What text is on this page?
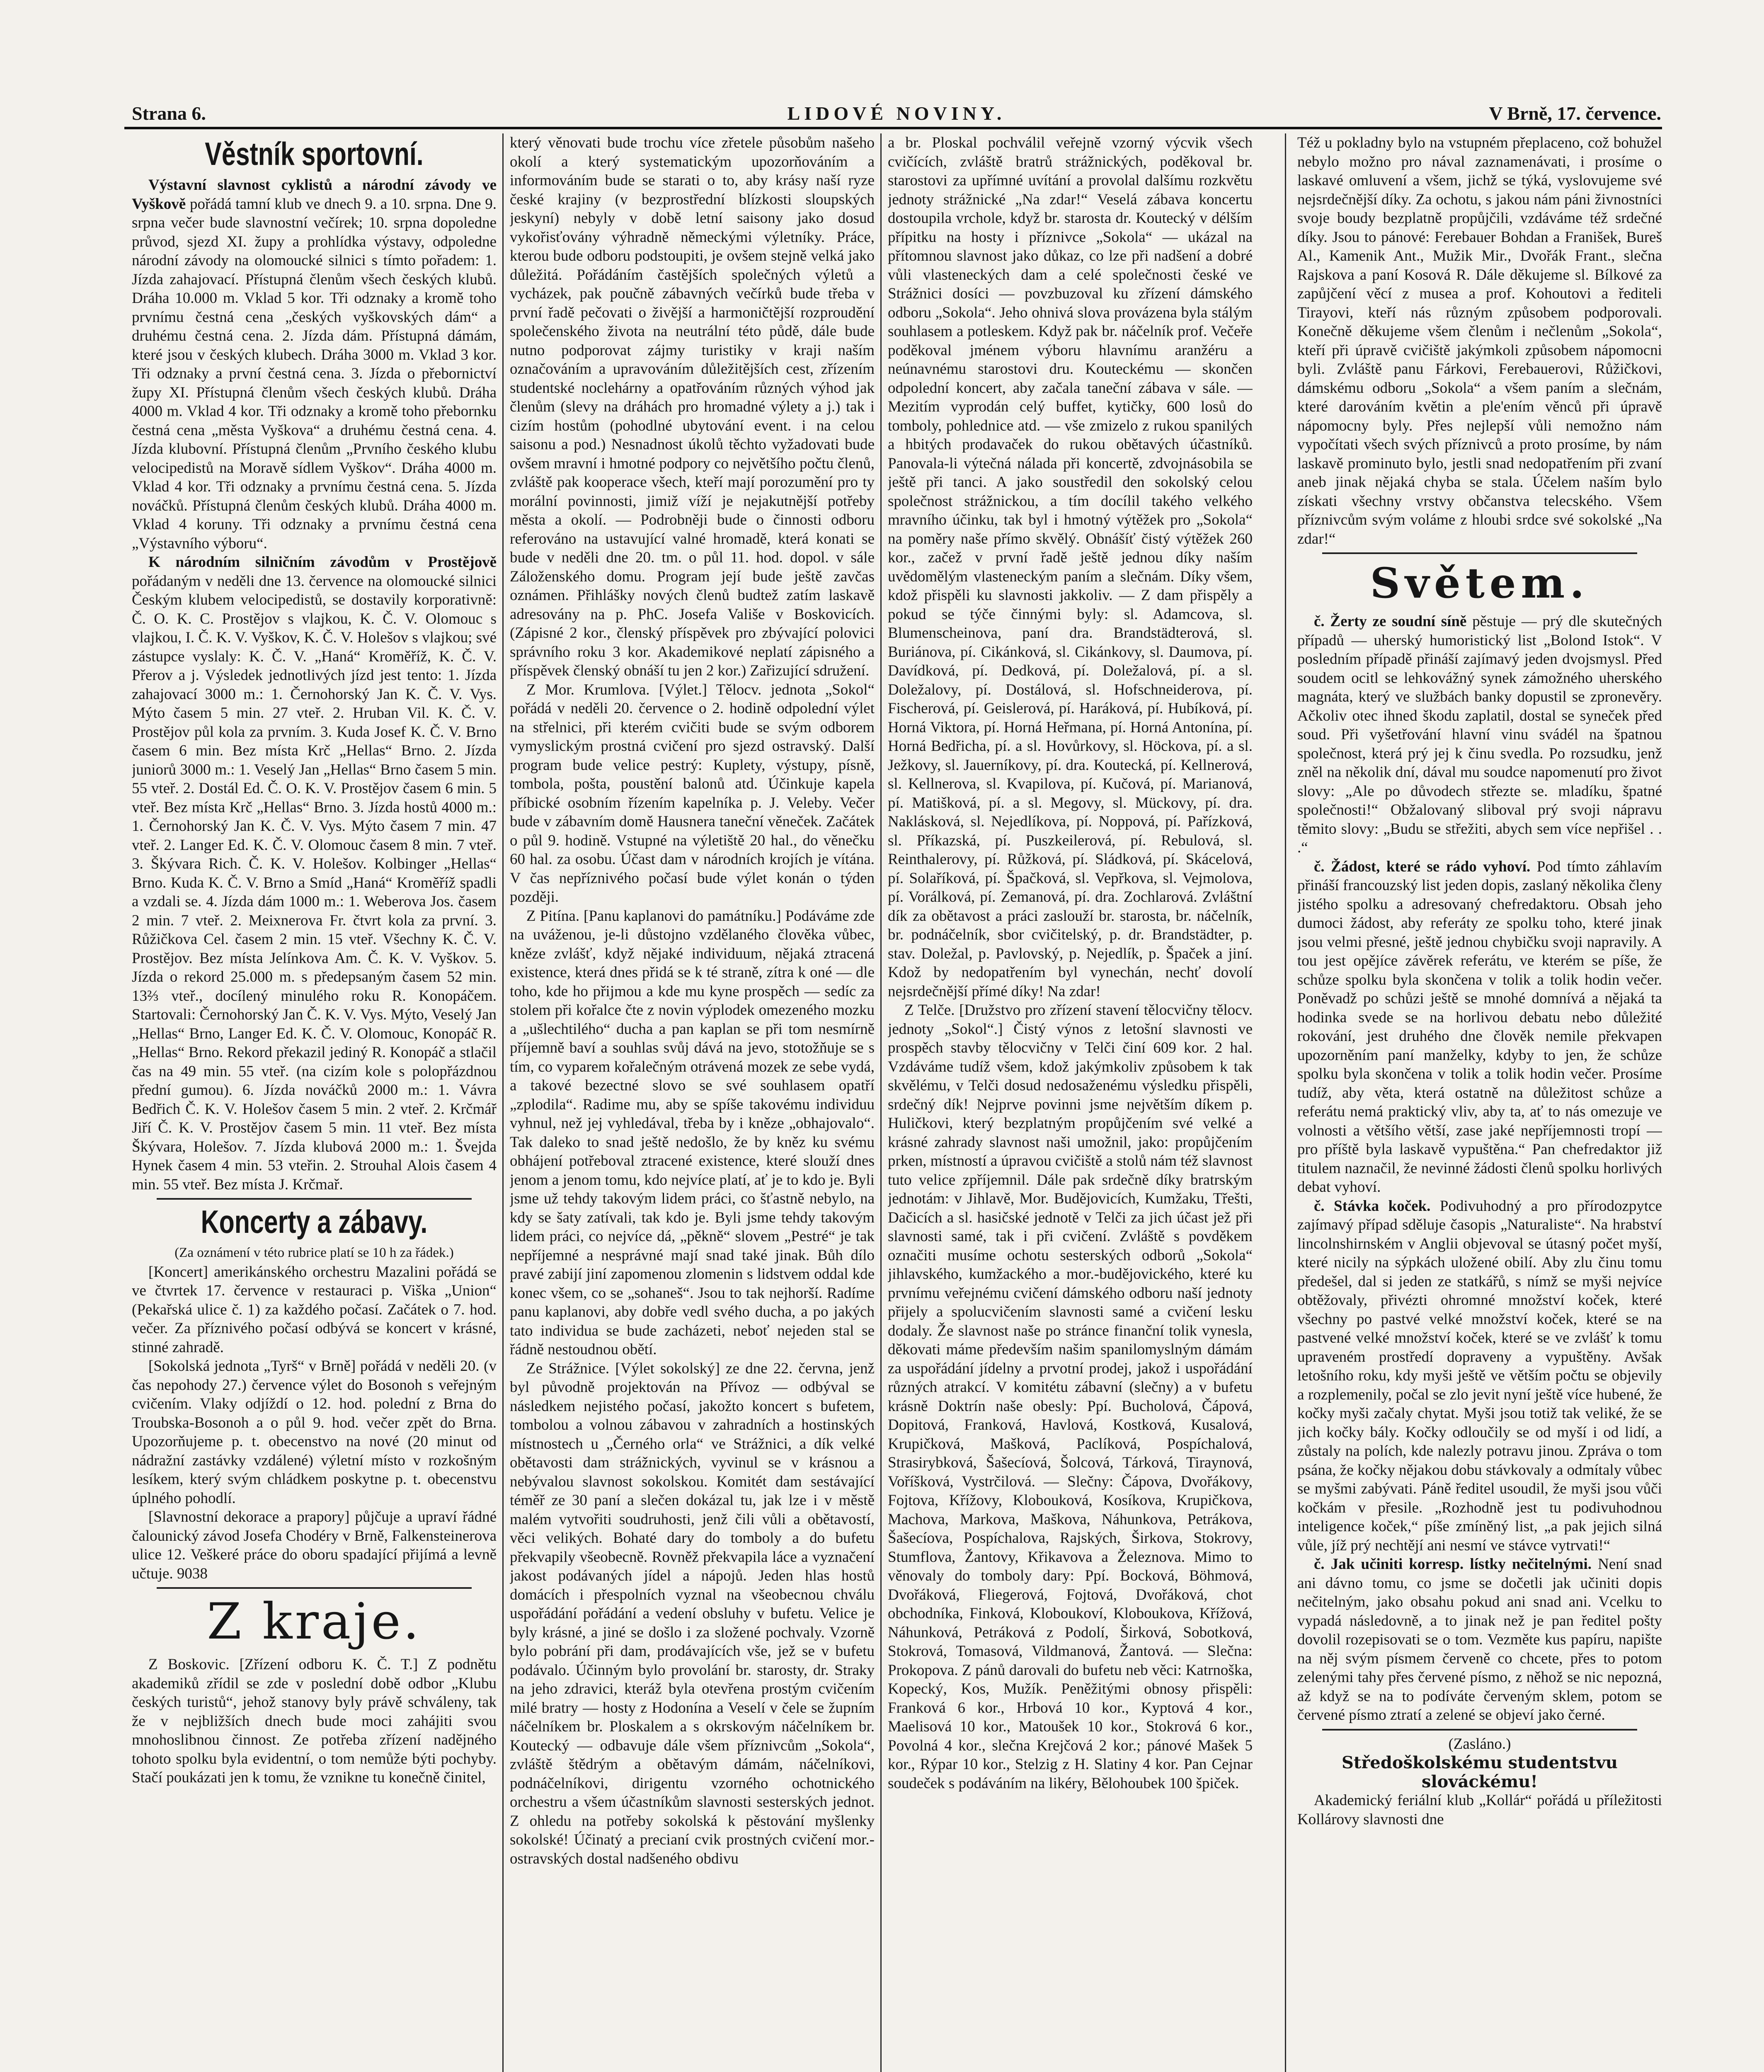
Strana 6.	LIDOVÉ NOVINY.	V Brně, 17. července.
Věstník sportovní.

Výstavní slavnost cyklistů a národní závody ve Vyškově pořádá tamní klub ve dnech 9. a 10. srpna. Dne 9. srpna večer bude slavnostní večírek; 10. srpna dopoledne průvod, sjezd XI. župy a prohlídka výstavy, odpoledne národní závody na olomoucké silnici s tímto pořadem: 1. Jízda zahajovací. Přístupná členům všech českých klubů. Dráha 10.000 m. Vklad 5 kor. Tři odznaky a kromě toho prvnímu čestná cena „českých vyškovských dám“ a druhému čestná cena. 2. Jízda dám. Přístupná dámám, které jsou v českých klubech. Dráha 3000 m. Vklad 3 kor. Tři odznaky a první čestná cena. 3. Jízda o přebornictví župy XI. Přístupná členům všech českých klubů. Dráha 4000 m. Vklad 4 kor. Tři odznaky a kromě toho přebornku čestná cena „města Vyškova“ a druhému čestná cena. 4. Jízda klubovní. Přístupná členům „Prvního českého klubu velocipedistů na Moravě sídlem Vyškov“. Dráha 4000 m. Vklad 4 kor. Tři odznaky a prvnímu čestná cena. 5. Jízda nováčků. Přístupná členům českých klubů. Dráha 4000 m. Vklad 4 koruny. Tři odznaky a prvnímu čestná cena „Výstavního výboru“.

K národním silničním závodům v Prostějově pořádaným v neděli dne 13. července na olomoucké silnici Českým klubem velocipedistů, se dostavily korporativně: Č. O. K. C. Prostějov s vlajkou, K. Č. V. Olomouc s vlajkou, I. Č. K. V. Vyškov, K. Č. V. Holešov s vlajkou; své zástupce vyslaly: K. Č. V. „Haná“ Kroměříž, K. Č. V. Přerov a j. Výsledek jednotlivých jízd jest tento: 1. Jízda zahajovací 3000 m.: 1. Černohorský Jan K. Č. V. Vys. Mýto časem 5 min. 27 vteř. 2. Hruban Vil. K. Č. V. Prostějov půl kola za prvním. 3. Kuda Josef K. Č. V. Brno časem 6 min. Bez místa Krč „Hellas“ Brno. 2. Jízda juniorů 3000 m.: 1. Veselý Jan „Hellas“ Brno časem 5 min. 55 vteř. 2. Dostál Ed. Č. O. K. V. Prostějov časem 6 min. 5 vteř. Bez místa Krč „Hellas“ Brno. 3. Jízda hostů 4000 m.: 1. Černohorský Jan K. Č. V. Vys. Mýto časem 7 min. 47 vteř. 2. Langer Ed. K. Č. V. Olomouc časem 8 min. 7 vteř. 3. Škývara Rich. Č. K. V. Holešov. Kolbinger „Hellas“ Brno. Kuda K. Č. V. Brno a Smíd „Haná“ Kroměříž spadli a vzdali se. 4. Jízda dám 1000 m.: 1. Weberova Jos. časem 2 min. 7 vteř. 2. Meixnerova Fr. čtvrt kola za první. 3. Růžičkova Cel. časem 2 min. 15 vteř. Všechny K. Č. V. Prostějov. Bez místa Jelínkova Am. Č. K. V. Vyškov. 5. Jízda o rekord 25.000 m. s předepsaným časem 52 min. 13⅔ vteř., docílený minulého roku R. Konopáčem. Startovali: Černohorský Jan Č. K. V. Vys. Mýto, Veselý Jan „Hellas“ Brno, Langer Ed. K. Č. V. Olomouc, Konopáč R. „Hellas“ Brno. Rekord překazil jediný R. Konopáč a stlačil čas na 49 min. 55 vteř. (na cizím kole s polopřázdnou přední gumou). 6. Jízda nováčků 2000 m.: 1. Vávra Bedřich Č. K. V. Holešov časem 5 min. 2 vteř. 2. Krčmář Jiří Č. K. V. Prostějov časem 5 min. 11 vteř. Bez místa Škývara, Holešov. 7. Jízda klubová 2000 m.: 1. Švejda Hynek časem 4 min. 53 vteřin. 2. Strouhal Alois časem 4 min. 55 vteř. Bez místa J. Krčmař.

Koncerty a zábavy.

(Za oznámení v této rubrice platí se 10 h za řádek.)

[Koncert] amerikánského orchestru Mazalini pořádá se ve čtvrtek 17. července v restauraci p. Viška „Union“ (Pekařská ulice č. 1) za každého počasí. Začátek o 7. hod. večer. Za příznivého počasí odbývá se koncert v krásné, stinné zahradě.

[Sokolská jednota „Tyrš“ v Brně] pořádá v neděli 20. (v čas nepohody 27.) července výlet do Bosonoh s veřejným cvičením. Vlaky odjíždí o 12. hod. polední z Brna do Troubska-Bosonoh a o půl 9. hod. večer zpět do Brna. Upozorňujeme p. t. obecenstvo na nové (20 minut od nádražní zastávky vzdálené) výletní místo v rozkošným lesíkem, který svým chládkem poskytne p. t. obecenstvu úplného pohodlí.

[Slavnostní dekorace a prapory] půjčuje a upraví řádné čalounický závod Josefa Chodéry v Brně, Falkensteinerova ulice 12. Veškeré práce do oboru spadající přijímá a levně učtuje. 9038

Z kraje.

Z Boskovic. [Zřízení odboru K. Č. T.] Z podnětu akademiků zřídil se zde v poslední době odbor „Klubu českých turistů“, jehož stanovy byly právě schváleny, tak že v nejbližších dnech bude moci zahájiti svou mnohoslibnou činnost. Ze potřeba zřízení nadějného tohoto spolku byla evidentní, o tom nemůže býti pochyby. Stačí poukázati jen k tomu, že vznikne tu konečně činitel,

který věnovati bude trochu více zřetele působům našeho okolí a který systematickým upozorňováním a informováním bude se starati o to, aby krásy naší ryze české krajiny (v bezprostřední blízkosti sloupských jeskyní) nebyly v době letní saisony jako dosud vykořisťovány výhradně německými výletníky. Práce, kterou bude odboru podstoupiti, je ovšem stejně velká jako důležitá. Pořádáním častějších společných výletů a vycházek, pak poučně zábavných večírků bude třeba v první řadě pečovati o živější a harmoničtější rozproudění společenského života na neutrální této půdě, dále bude nutno podporovat zájmy turistiky v kraji naším označováním a upravováním důležitějších cest, zřízením studentské noclehárny a opatřováním různých výhod jak členům (slevy na dráhách pro hromadné výlety a j.) tak i cizím hostům (pohodlné ubytování event. i na celou saisonu a pod.) Nesnadnost úkolů těchto vyžadovati bude ovšem mravní i hmotné podpory co největšího počtu členů, zvláště pak kooperace všech, kteří mají porozumění pro ty morální povinnosti, jimiž víží je nejakutnější potřeby města a okolí. — Podrobněji bude o činnosti odboru referováno na ustavující valné hromadě, která konati se bude v neděli dne 20. tm. o půl 11. hod. dopol. v sále Záloženského domu. Program její bude ještě zavčas oznámen. Přihlášky nových členů budtež zatím laskavě adresovány na p. PhC. Josefa Vališe v Boskovicích. (Zápisné 2 kor., členský příspěvek pro zbývající polovici správního roku 3 kor. Akademikové neplatí zápisného a příspěvek členský obnáší tu jen 2 kor.) Zařizující sdružení.

Z Mor. Krumlova. [Výlet.] Tělocv. jednota „Sokol“ pořádá v neděli 20. července o 2. hodině odpolední výlet na střelnici, při kterém cvičiti bude se svým odborem vymyslickým prostná cvičení pro sjezd ostravský. Další program bude velice pestrý: Kuplety, výstupy, písně, tombola, pošta, poustění balonů atd. Účinkuje kapela příbické osobním řízením kapelníka p. J. Veleby. Večer bude v zábavním domě Hausnera taneční věneček. Začátek o půl 9. hodině. Vstupné na výletiště 20 hal., do věnečku 60 hal. za osobu. Účast dam v národních krojích je vítána. V čas nepříznivého počasí bude výlet konán o týden později.

Z Pitína. [Panu kaplanovi do památníku.] Podáváme zde na uváženou, je-li důstojno vzdělaného člověka vůbec, kněze zvlášť, když nějaké individuum, nějaká ztracená existence, která dnes přidá se k té straně, zítra k oné — dle toho, kde ho přijmou a kde mu kyne prospěch — sedíc za stolem při kořalce čte z novin výplodek omezeného mozku a „ušlechtilého“ ducha a pan kaplan se při tom nesmírně příjemně baví a souhlas svůj dává na jevo, stotožňuje se s tím, co vyparem kořalečným otrávená mozek ze sebe vydá, a takové bezectné slovo se své souhlasem opatří „zplodila“. Radime mu, aby se spíše takovému individuu vyhnul, než jej vyhledával, třeba by i kněze „obhajovalo“. Tak daleko to snad ještě nedošlo, že by kněz ku svému obhájení potřeboval ztracené existence, které slouží dnes jenom a jenom tomu, kdo nejvíce platí, ať je to kdo je. Byli jsme už tehdy takovým lidem práci, co šťastně nebylo, na kdy se šaty zatívali, tak kdo je. Byli jsme tehdy takovým lidem práci, co nejvíce dá, „pěkně“ slovem „Pestré“ je tak nepříjemné a nesprávné mají snad také jinak. Bůh dílo pravé zabijí jiní zapomenou zlomenin s lidstvem oddal kde konec všem, co se „sohaneš“. Jsou to tak nejhorší. Radíme panu kaplanovi, aby dobře vedl svého ducha, a po jakých tato individua se bude zacházeti, neboť nejeden stal se řádně nestoudnou obětí.

Ze Strážnice. [Výlet sokolský] ze dne 22. června, jenž byl původně projektován na Přívoz — odbýval se následkem nejistého počasí, jakožto koncert s bufetem, tombolou a volnou zábavou v zahradních a hostinských místnostech u „Černého orla“ ve Strážnici, a dík velké obětavosti dam strážnických, vyvinul se v krásnou a nebývalou slavnost sokolskou. Komitét dam sestávající téměř ze 30 paní a slečen dokázal tu, jak lze i v městě malém vytvořiti soudruhosti, jenž čili vůli a obětavostí, věci velikých. Bohaté dary do tomboly a do bufetu překvapily všeobecně. Rovněž překvapila láce a vyznačení jakost podávaných jídel a nápojů. Jeden hlas hostů domácích i přespolních vyznal na všeobecnou chválu uspořádání pořádání a vedení obsluhy v bufetu. Velice je byly krásné, a jiné se došlo i za složené pochvaly. Vzorně bylo pobrání při dam, prodávajících vše, jež se v bufetu podávalo. Účinným bylo provolání br. starosty, dr. Straky na jeho zdravici, kteráž byla otevřena prostým cvičením milé bratry — hosty z Hodonína a Veselí v čele se župním náčelníkem br. Ploskalem a s okrskovým náčelníkem br. Koutecký — odbavuje dále všem příznivcům „Sokola“, zvláště štědrým a obětavým dámám, náčelníkovi, podnáčelníkovi, dirigentu vzorného ochotnického orchestru a všem účastníkům slavnosti sesterských jednot. Z ohledu na potřeby sokolská k pěstování myšlenky sokolské! Účinatý a precianí cvik prostných cvičení mor.-ostravských dostal nadšeného obdivu

a br. Ploskal pochválil veřejně vzorný výcvik všech cvičících, zvláště bratrů strážnických, poděkoval br. starostovi za upřímné uvítání a provolal dalšímu rozkvětu jednoty strážnické „Na zdar!“ Veselá zábava koncertu dostoupila vrchole, když br. starosta dr. Koutecký v délším přípitku na hosty i příznivce „Sokola“ — ukázal na přítomnou slavnost jako důkaz, co lze při nadšení a dobré vůli vlasteneckých dam a celé společnosti české ve Strážnici dosíci — povzbuzoval ku zřízení dámského odboru „Sokola“. Jeho ohnivá slova provázena byla stálým souhlasem a potleskem. Když pak br. náčelník prof. Večeře poděkoval jménem výboru hlavnímu aranžéru a neúnavnému starostovi dru. Kouteckému — skončen odpolední koncert, aby začala taneční zábava v sále. — Mezitím vyprodán celý buffet, kytičky, 600 losů do tomboly, pohlednice atd. — vše zmizelo z rukou spanilých a hbitých prodavaček do rukou obětavých účastníků. Panovala-li výtečná nálada při koncertě, zdvojnásobila se ještě při tanci. A jako soustředil den sokolský celou společnost strážnickou, a tím docílil takého velkého mravního účinku, tak byl i hmotný výtěžek pro „Sokola“ na poměry naše přímo skvělý. Obnášíť čistý výtěžek 260 kor., začež v první řadě ještě jednou díky naším uvědomělým vlasteneckým paním a slečnám. Díky všem, kdož přispěli ku slavnosti jakkoliv. — Z dam přispěly a pokud se týče činnými byly: sl. Adamcova, sl. Blumenscheinova, paní dra. Brandstädterová, sl. Buriánova, pí. Cikánková, sl. Cikánkovy, sl. Daumova, pí. Davídková, pí. Dedková, pí. Doležalová, pí. a sl. Doležalovy, pí. Dostálová, sl. Hofschneiderova, pí. Fischerová, pí. Geislerová, pí. Haráková, pí. Hubíková, pí. Horná Viktora, pí. Horná Heřmana, pí. Horná Antonína, pí. Horná Bedřicha, pí. a sl. Hovůrkovy, sl. Höckova, pí. a sl. Ježkovy, sl. Jauerníkovy, pí. dra. Koutecká, pí. Kellnerová, sl. Kellnerova, sl. Kvapilova, pí. Kučová, pí. Marianová, pí. Matišková, pí. a sl. Megovy, sl. Mückovy, pí. dra. Naklásková, sl. Nejedlíkova, pí. Noppová, pí. Pařízková, sl. Příkazská, pí. Puszkeilerová, pí. Rebulová, sl. Reinthalerovy, pí. Růžková, pí. Sládková, pí. Skácelová, pí. Solaříková, pí. Špačková, sl. Vepřkova, sl. Vejmolova, pí. Vorálková, pí. Zemanová, pí. dra. Zochlarová. Zvláštní dík za obětavost a práci zaslouží br. starosta, br. náčelník, br. podnáčelník, sbor cvičitelský, p. dr. Brandstädter, p. stav. Doležal, p. Pavlovský, p. Nejedlík, p. Špaček a jiní. Kdož by nedopatřením byl vynechán, nechť dovolí nejsrdečnější přímé díky! Na zdar!

Z Telče. [Družstvo pro zřízení stavení tělocvičny tělocv. jednoty „Sokol“.] Čistý výnos z letošní slavnosti ve prospěch stavby tělocvičny v Telči činí 609 kor. 2 hal. Vzdáváme tudíž všem, kdož jakýmkoliv způsobem k tak skvělému, v Telči dosud nedosaženému výsledku přispěli, srdečný dík! Nejprve povinni jsme největším díkem p. Huličkovi, který bezplatným propůjčením své velké a krásné zahrady slavnost naši umožnil, jako: propůjčením prken, místností a úpravou cvičiště a stolů nám též slavnost tuto velice zpříjemnil. Dále pak srdečně díky bratrským jednotám: v Jihlavě, Mor. Budějovicích, Kumžaku, Třešti, Dačicích a sl. hasičské jednotě v Telči za jich účast jež při slavnosti samé, tak i při cvičení. Zvláště s povděkem označiti musíme ochotu sesterských odborů „Sokola“ jihlavského, kumžackého a mor.-budějovického, které ku prvnímu veřejnému cvičení dámského odboru naší jednoty přijely a spolucvičením slavnosti samé a cvičení lesku dodaly. Že slavnost naše po stránce finanční tolik vynesla, děkovati máme především našim spanilomyslným dámám za uspořádání jídelny a prvotní prodej, jakož i uspořádání různých atrakcí. V komitétu zábavní (slečny) a v bufetu krásně Doktrín naše obesly: Ppí. Bucholová, Čápová, Dopitová, Franková, Havlová, Kostková, Kusalová, Krupičková, Mašková, Paclíková, Pospíchalová, Strasirybková, Šašecíová, Šolcová, Tárková, Tiraynová, Voříšková, Vystrčilová. — Slečny: Čápova, Dvořákovy, Fojtova, Křížovy, Klobouková, Kosíkova, Krupičkova, Machova, Markova, Maškova, Náhunkova, Petrákova, Šašecíova, Pospíchalova, Rajských, Širkova, Stokrovy, Stumflova, Žantovy, Křikavova a Železnova. Mimo to věnovaly do tomboly dary: Ppí. Bocková, Böhmová, Dvořáková, Fliegerová, Fojtová, Dvořáková, chot obchodníka, Finková, Kloboukoví, Kloboukova, Křížová, Náhunková, Petráková z Podolí, Širková, Sobotková, Stokrová, Tomasová, Vildmanová, Žantová. — Slečna: Prokopova. Z pánů darovali do bufetu neb věci: Katrnoška, Kopecký, Kos, Mužík. Peněžitými obnosy přispěli: Franková 6 kor., Hrbová 10 kor., Kyptová 4 kor., Maelisová 10 kor., Matoušek 10 kor., Stokrová 6 kor., Povolná 4 kor., slečna Krejčová 2 kor.; pánové Mašek 5 kor., Rýpar 10 kor., Stelzig z H. Slatiny 4 kor. Pan Cejnar soudeček s podáváním na likéry, Bělohoubek 100 špiček.

Též u pokladny bylo na vstupném přeplaceno, což bohužel nebylo možno pro nával zaznamenávati, i prosíme o laskavé omluvení a všem, jichž se týká, vyslovujeme své nejsrdečnější díky. Za ochotu, s jakou nám páni živnostníci svoje boudy bezplatně propůjčili, vzdáváme též srdečné díky. Jsou to pánové: Ferebauer Bohdan a Franišek, Bureš Al., Kamenik Ant., Mužik Mir., Dvořák Frant., slečna Rajskova a paní Kosová R. Dále děkujeme sl. Bílkové za zapůjčení věcí z musea a prof. Kohoutovi a řediteli Tirayovi, kteří nás různým způsobem podporovali. Konečně děkujeme všem členům i nečlenům „Sokola“, kteří při úpravě cvičiště jakýmkoli způsobem nápomocni byli. Zvláště panu Fárkovi, Ferebauerovi, Růžičkovi, dámskému odboru „Sokola“ a všem paním a slečnám, které darováním květin a ple'ením věnců při úpravě nápomocny byly. Přes nejlepší vůli nemožno nám vypočítati všech svých příznivců a proto prosíme, by nám laskavě prominuto bylo, jestli snad nedopatřením při zvaní aneb jinak nějaká chyba se stala. Účelem naším bylo získati všechny vrstvy občanstva telecského. Všem příznivcům svým voláme z hloubi srdce své sokolské „Na zdar!“

Světem.

č. Žerty ze soudní síně pěstuje — prý dle skutečných případů — uherský humoristický list „Bolond Istok“. V posledním případě přináší zajímavý jeden dvojsmysl. Před soudem ocitl se lehkovážný synek zámožného uherského magnáta, který ve službách banky dopustil se zpronevěry. Ačkoliv otec ihned škodu zaplatil, dostal se syneček před soud. Při vyšetřování hlavní vinu svádél na špatnou společnost, která prý jej k činu svedla. Po rozsudku, jenž zněl na několik dní, dával mu soudce napomenutí pro život slovy: „Ale po důvodech střezte se. mladíku, špatné společnosti!“ Obžalovaný sliboval prý svoji nápravu těmito slovy: „Budu se střežiti, abych sem více nepřišel . . .“

č. Žádost, které se rádo vyhoví. Pod tímto záhlavím přináší francouzský list jeden dopis, zaslaný několika členy jistého spolku a adresovaný chefredaktoru. Obsah jeho dumoci žádost, aby referáty ze spolku toho, které jinak jsou velmi přesné, ještě jednou chybičku svoji napravily. A tou jest opějíce závěrek referátu, ve kterém se píše, že schůze spolku byla skončena v tolik a tolik hodin večer. Poněvadž po schůzi ještě se mnohé domnívá a nějaká ta hodinka svede se na horlivou debatu nebo důležité rokování, jest druhého dne člověk nemile překvapen upozorněním paní manželky, kdyby to jen, že schůze spolku byla skončena v tolik a tolik hodin večer. Prosíme tudíž, aby věta, která ostatně na důležitost schůze a referátu nemá praktický vliv, aby ta, ať to nás omezuje ve volnosti a většího větší, zase jaké nepříjemnosti tropí — pro příště byla laskavě vypuštěna.“ Pan chefredaktor již titulem naznačil, že nevinné žádosti členů spolku horlivých debat vyhoví.

č. Stávka koček. Podivuhodný a pro přírodozpytce zajímavý případ sděluje časopis „Naturaliste“. Na hrabství lincolnshirnském v Anglii objevoval se útasný počet myší, které nicily na sýpkách uložené obilí. Aby zlu činu tomu předešel, dal si jeden ze statkářů, s nímž se myši nejvíce obtěžovaly, přivézti ohromné množství koček, které všechny po pastvé velké množství koček, které se na pastvené velké množství koček, které se ve zvlášť k tomu upraveném prostředí dopraveny a vypuštěny. Avšak letošního roku, kdy myši ještě ve větším počtu se objevily a rozplemenily, počal se zlo jevit nyní ještě více hubené, že kočky myši začaly chytat. Myši jsou totiž tak veliké, že se jich kočky bály. Kočky odloučily se od myší i od lidí, a zůstaly na polích, kde nalezly potravu jinou. Zpráva o tom psána, že kočky nějakou dobu stávkovaly a odmítaly vůbec se myšmi zabývati. Páně ředitel usoudil, že myši jsou vůči kočkám v přesile. „Rozhodně jest tu podivuhodnou inteligence koček,“ píše zmíněný list, „a pak jejich silná vůle, jíž prý nechtějí ani nesmí ve stávce vytrvati!“

č. Jak učiniti korresp. lístky nečitelnými. Není snad ani dávno tomu, co jsme se dočetli jak učiniti dopis nečitelným, jako obsahu pokud ani snad ani. Vcelku to vypadá následovně, a to jinak než je pan ředitel pošty dovolil rozepisovati se o tom. Vezměte kus papíru, napište na něj svým písmem červeně co chcete, přes to potom zelenými tahy přes červené písmo, z něhož se nic nepozná, až když se na to podíváte červeným sklem, potom se červené písmo ztratí a zelené se objeví jako černé.

(Zasláno.)

Středoškolskému studentstvu slováckému!

Akademický feriální klub „Kollár“ pořádá u příležitosti Kollárovy slavnosti dne
